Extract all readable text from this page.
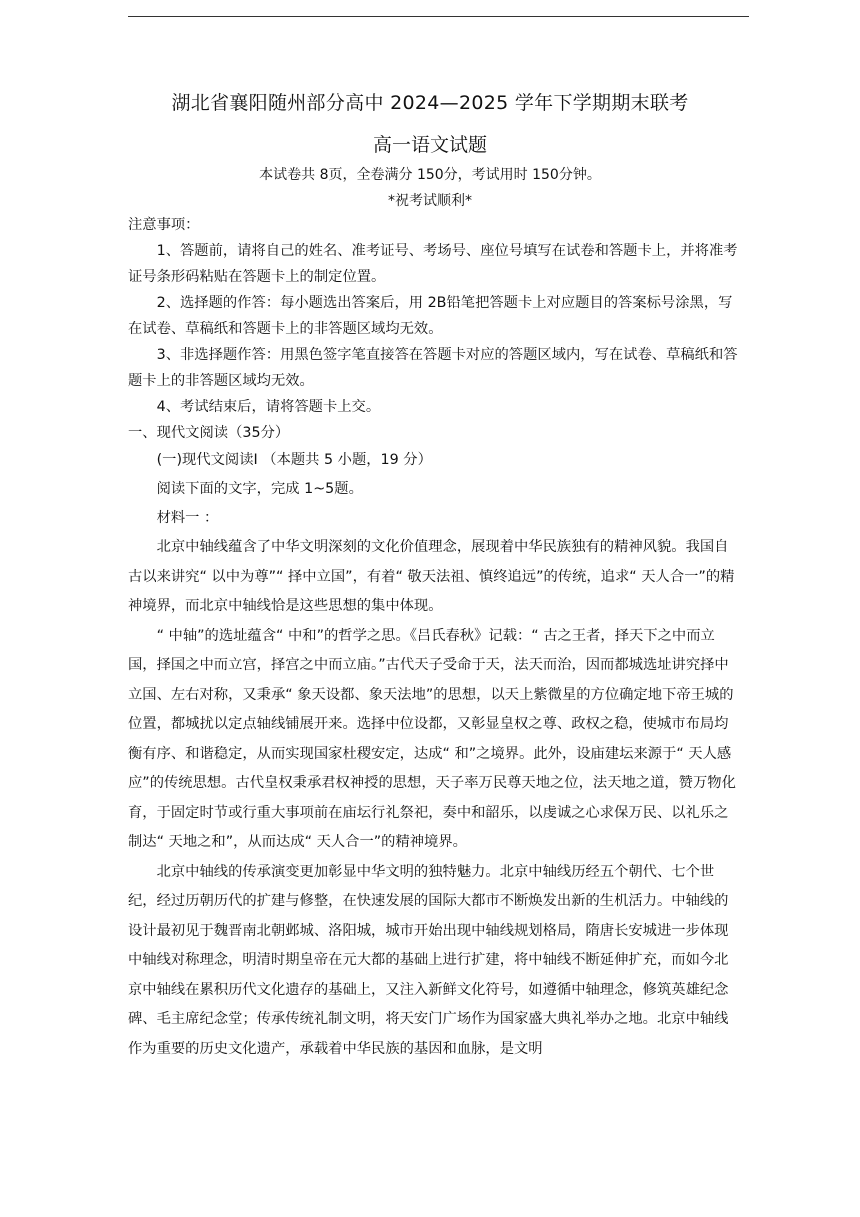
湖北省襄阳随州部分高中 2024—2025 学年下学期期末联考
高一语文试题
本试卷共 8页，全卷满分 150分，考试用时 150分钟。
*祝考试顺利*

注意事项：

1、答题前，请将自己的姓名、准考证号、考场号、座位号填写在试卷和答题卡上，并将准考证号条形码粘贴在答题卡上的制定位置。

2、选择题的作答：每小题选出答案后，用 2B铅笔把答题卡上对应题目的答案标号涂黑，写在试卷、草稿纸和答题卡上的非答题区域均无效。

3、非选择题作答：用黑色签字笔直接答在答题卡对应的答题区域内，写在试卷、草稿纸和答题卡上的非答题区域均无效。

4、考试结束后，请将答题卡上交。

一、现代文阅读（35分）

(一)现代文阅读Ⅰ （本题共 5 小题，19 分）

阅读下面的文字，完成 1~5题。

材料一 ：

北京中轴线蕴含了中华文明深刻的文化价值理念，展现着中华民族独有的精神风貌。我国自古以来讲究“ 以中为尊”“ 择中立国”，有着“ 敬天法祖、慎终追远”的传统，追求“ 天人合一”的精神境界，而北京中轴线恰是这些思想的集中体现。

“ 中轴”的选址蕴含“ 中和”的哲学之思。《吕氏春秋》记载：“ 古之王者，择天下之中而立国，择国之中而立宫，择宫之中而立庙。”古代天子受命于天，法天而治，因而都城选址讲究择中立国、左右对称，又秉承“ 象天设都、象天法地”的思想，以天上紫微星的方位确定地下帝王城的位置，都城扰以定点轴线铺展开来。选择中位设都，又彰显皇权之尊、政权之稳，使城市布局均衡有序、和谐稳定，从而实现国家杜稷安定，达成“ 和”之境界。此外，设庙建坛来源于“ 天人感应”的传统思想。古代皇权秉承君权神授的思想，天子率万民尊天地之位，法天地之道，赞万物化育，于固定时节或行重大事项前在庙坛行礼祭祀，奏中和韶乐，以虔诚之心求保万民、以礼乐之制达“ 天地之和”，从而达成“ 天人合一”的精神境界。

北京中轴线的传承演变更加彰显中华文明的独特魅力。北京中轴线历经五个朝代、七个世纪，经过历朝历代的扩建与修整，在快速发展的国际大都市不断焕发出新的生机活力。中轴线的设计最初见于魏晋南北朝邺城、洛阳城，城市开始出现中轴线规划格局，隋唐长安城进一步体现中轴线对称理念，明清时期皇帝在元大都的基础上进行扩建，将中轴线不断延伸扩充，而如今北京中轴线在累积历代文化遗存的基础上，又注入新鲜文化符号，如遵循中轴理念，修筑英雄纪念碑、毛主席纪念堂；传承传统礼制文明，将天安门广场作为国家盛大典礼举办之地。北京中轴线作为重要的历史文化遗产，承载着中华民族的基因和血脉，是文明
